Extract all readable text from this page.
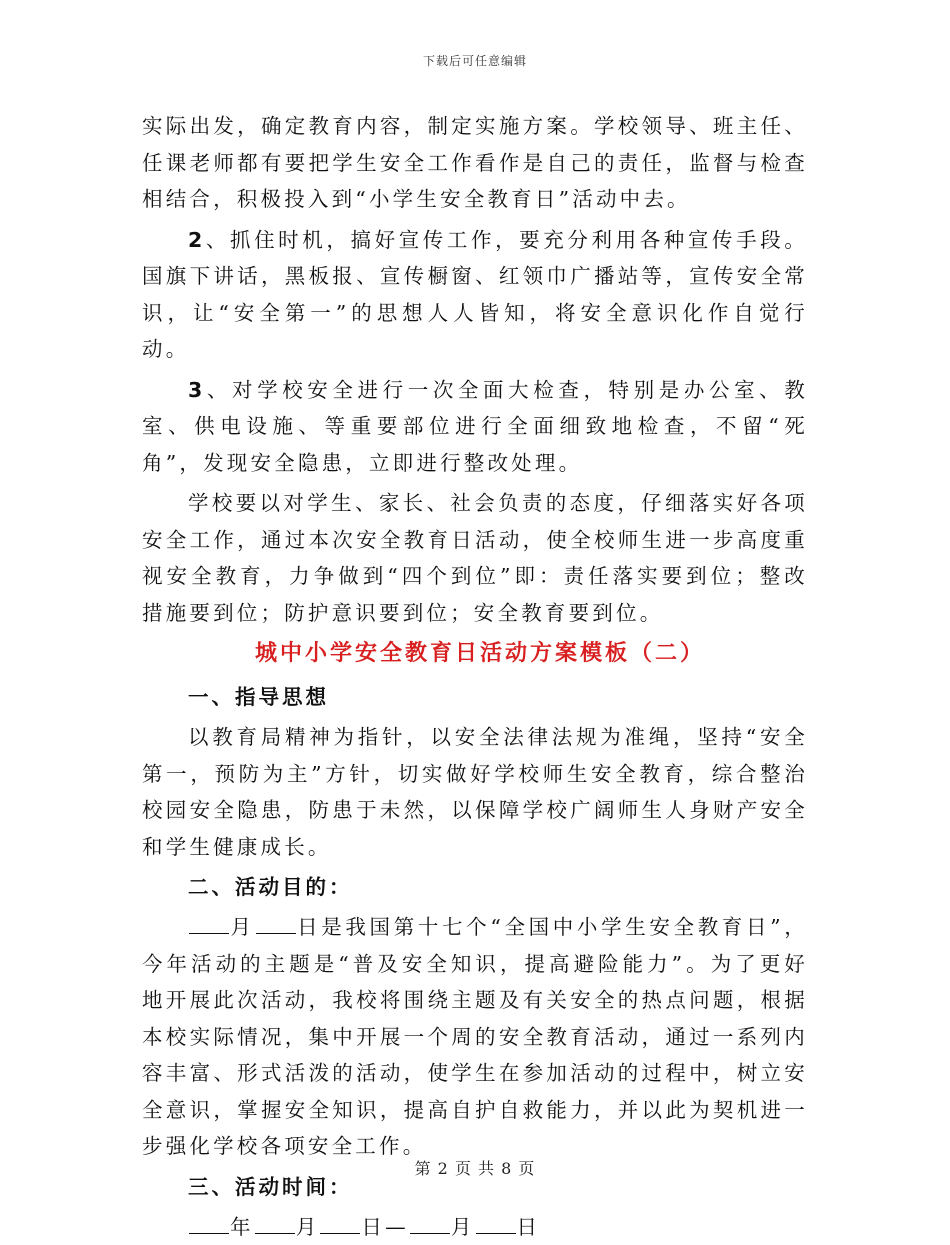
下载后可任意编辑

实际出发，确定教育内容，制定实施方案。学校领导、班主任、任课老师都有要把学生安全工作看作是自己的责任，监督与检查相结合，积极投入到“小学生安全教育日”活动中去。

2、抓住时机，搞好宣传工作，要充分利用各种宣传手段。国旗下讲话，黑板报、宣传橱窗、红领巾广播站等，宣传安全常识，让“安全第一”的思想人人皆知，将安全意识化作自觉行动。

3、对学校安全进行一次全面大检查，特别是办公室、教室、供电设施、等重要部位进行全面细致地检查，不留“死角”，发现安全隐患，立即进行整改处理。

学校要以对学生、家长、社会负责的态度，仔细落实好各项安全工作，通过本次安全教育日活动，使全校师生进一步高度重视安全教育，力争做到“四个到位”即：责任落实要到位；整改措施要到位；防护意识要到位；安全教育要到位。

城中小学安全教育日活动方案模板（二）
一、指导思想

以教育局精神为指针，以安全法律法规为准绳，坚持“安全第一，预防为主”方针，切实做好学校师生安全教育，综合整治校园安全隐患，防患于未然，以保障学校广阔师生人身财产安全和学生健康成长。

二、活动目的：

月 日是我国第十七个“全国中小学生安全教育日”，今年活动的主题是“普及安全知识，提高避险能力”。为了更好地开展此次活动，我校将围绕主题及有关安全的热点问题，根据本校实际情况，集中开展一个周的安全教育活动，通过一系列内容丰富、形式活泼的活动，使学生在参加活动的过程中，树立安全意识，掌握安全知识，提高自护自救能力，并以此为契机进一步强化学校各项安全工作。

三、活动时间：

年 月 日— 月 日

第 2 页 共 8 页
